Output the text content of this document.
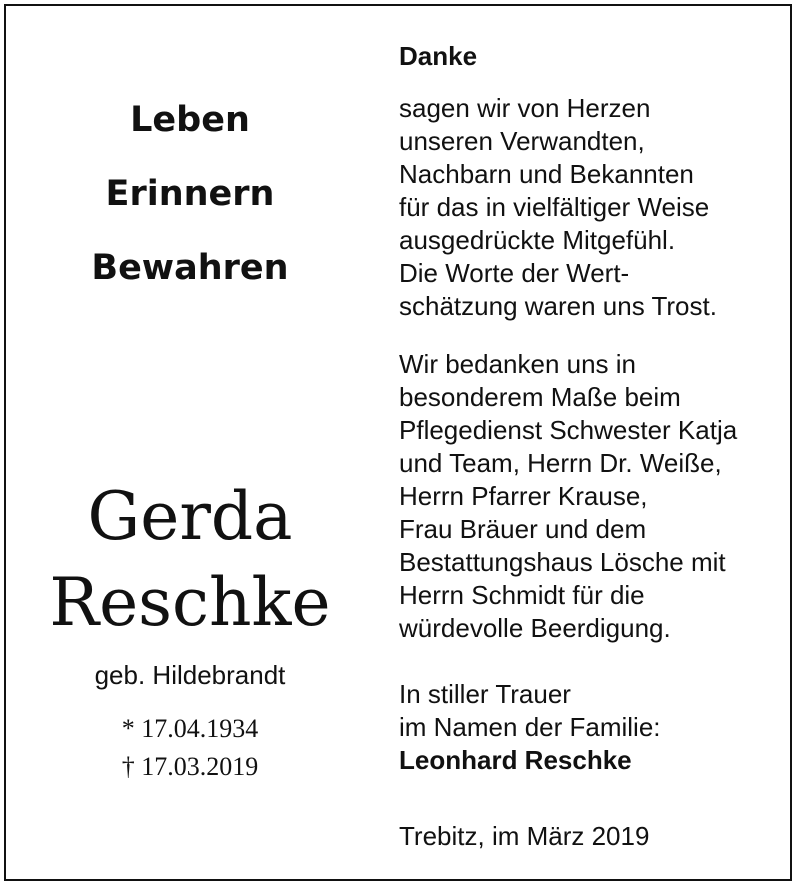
Leben
Erinnern
Bewahren
Gerda
Reschke
geb. Hildebrandt
* 17.04.1934
† 17.03.2019
Danke
sagen wir von Herzen
unseren Verwandten,
Nachbarn und Bekannten
für das in vielfältiger Weise
ausgedrückte Mitgefühl.
Die Worte der Wert-
schätzung waren uns Trost.
Wir bedanken uns in
besonderem Maße beim
Pflegedienst Schwester Katja
und Team, Herrn Dr. Weiße,
Herrn Pfarrer Krause,
Frau Bräuer und dem
Bestattungshaus Lösche mit
Herrn Schmidt für die
würdevolle Beerdigung.
In stiller Trauer
im Namen der Familie:
Leonhard Reschke
Trebitz, im März 2019
